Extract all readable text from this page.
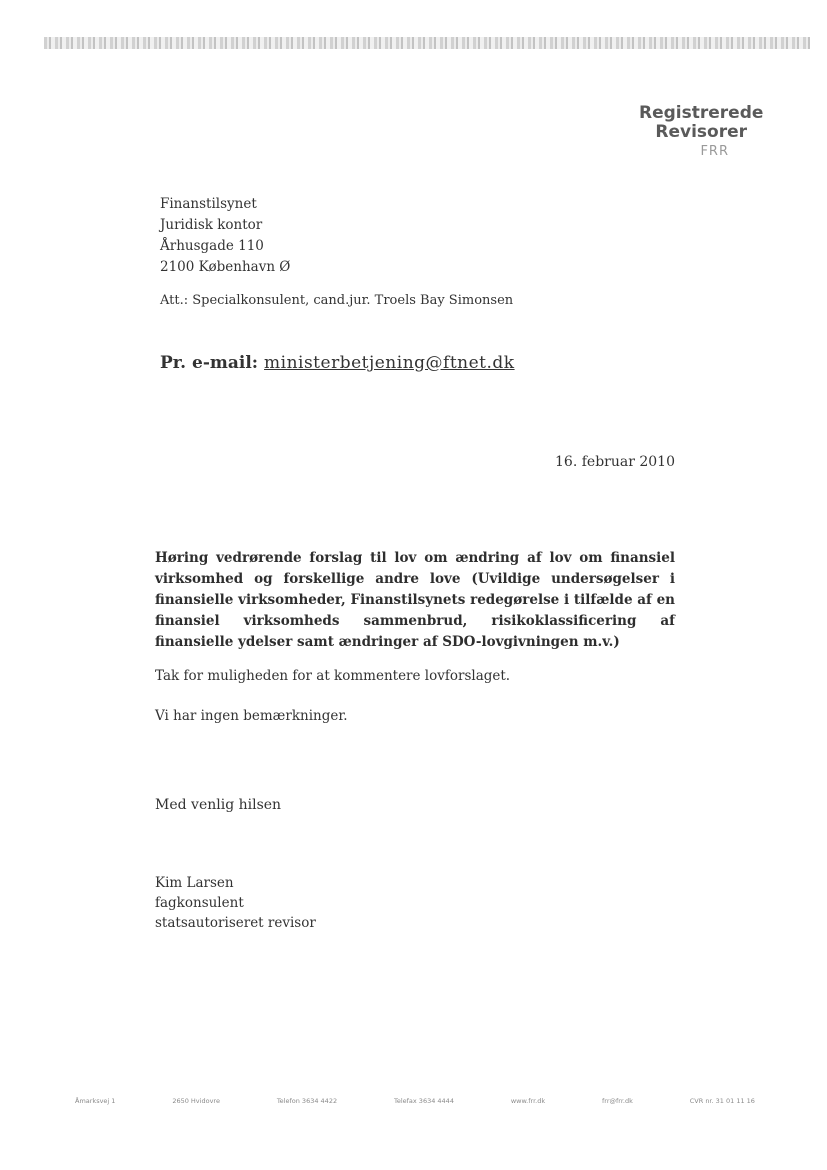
Registrerede
Revisorer
FRR
Finanstilsynet
Juridisk kontor
Århusgade 110
2100 København Ø
Att.: Specialkonsulent, cand.jur. Troels Bay Simonsen
Pr. e-mail: ministerbetjening@ftnet.dk
16. februar 2010
Høring vedrørende forslag til lov om ændring af lov om finansiel virksomhed og forskellige andre love (Uvildige undersøgelser i finansielle virksomheder, Finanstilsynets redegørelse i tilfælde af en finansiel virksomheds sammenbrud, risikoklassificering af finansielle ydelser samt ændringer af SDO-lovgivningen m.v.)
Tak for muligheden for at kommentere lovforslaget.
Vi har ingen bemærkninger.
Med venlig hilsen
Kim Larsen
fagkonsulent
statsautoriseret revisor
Åmarksvej 1	2650 Hvidovre	Telefon 3634 4422	Telefax 3634 4444	www.frr.dk	frr@frr.dk	CVR nr. 31 01 11 16
